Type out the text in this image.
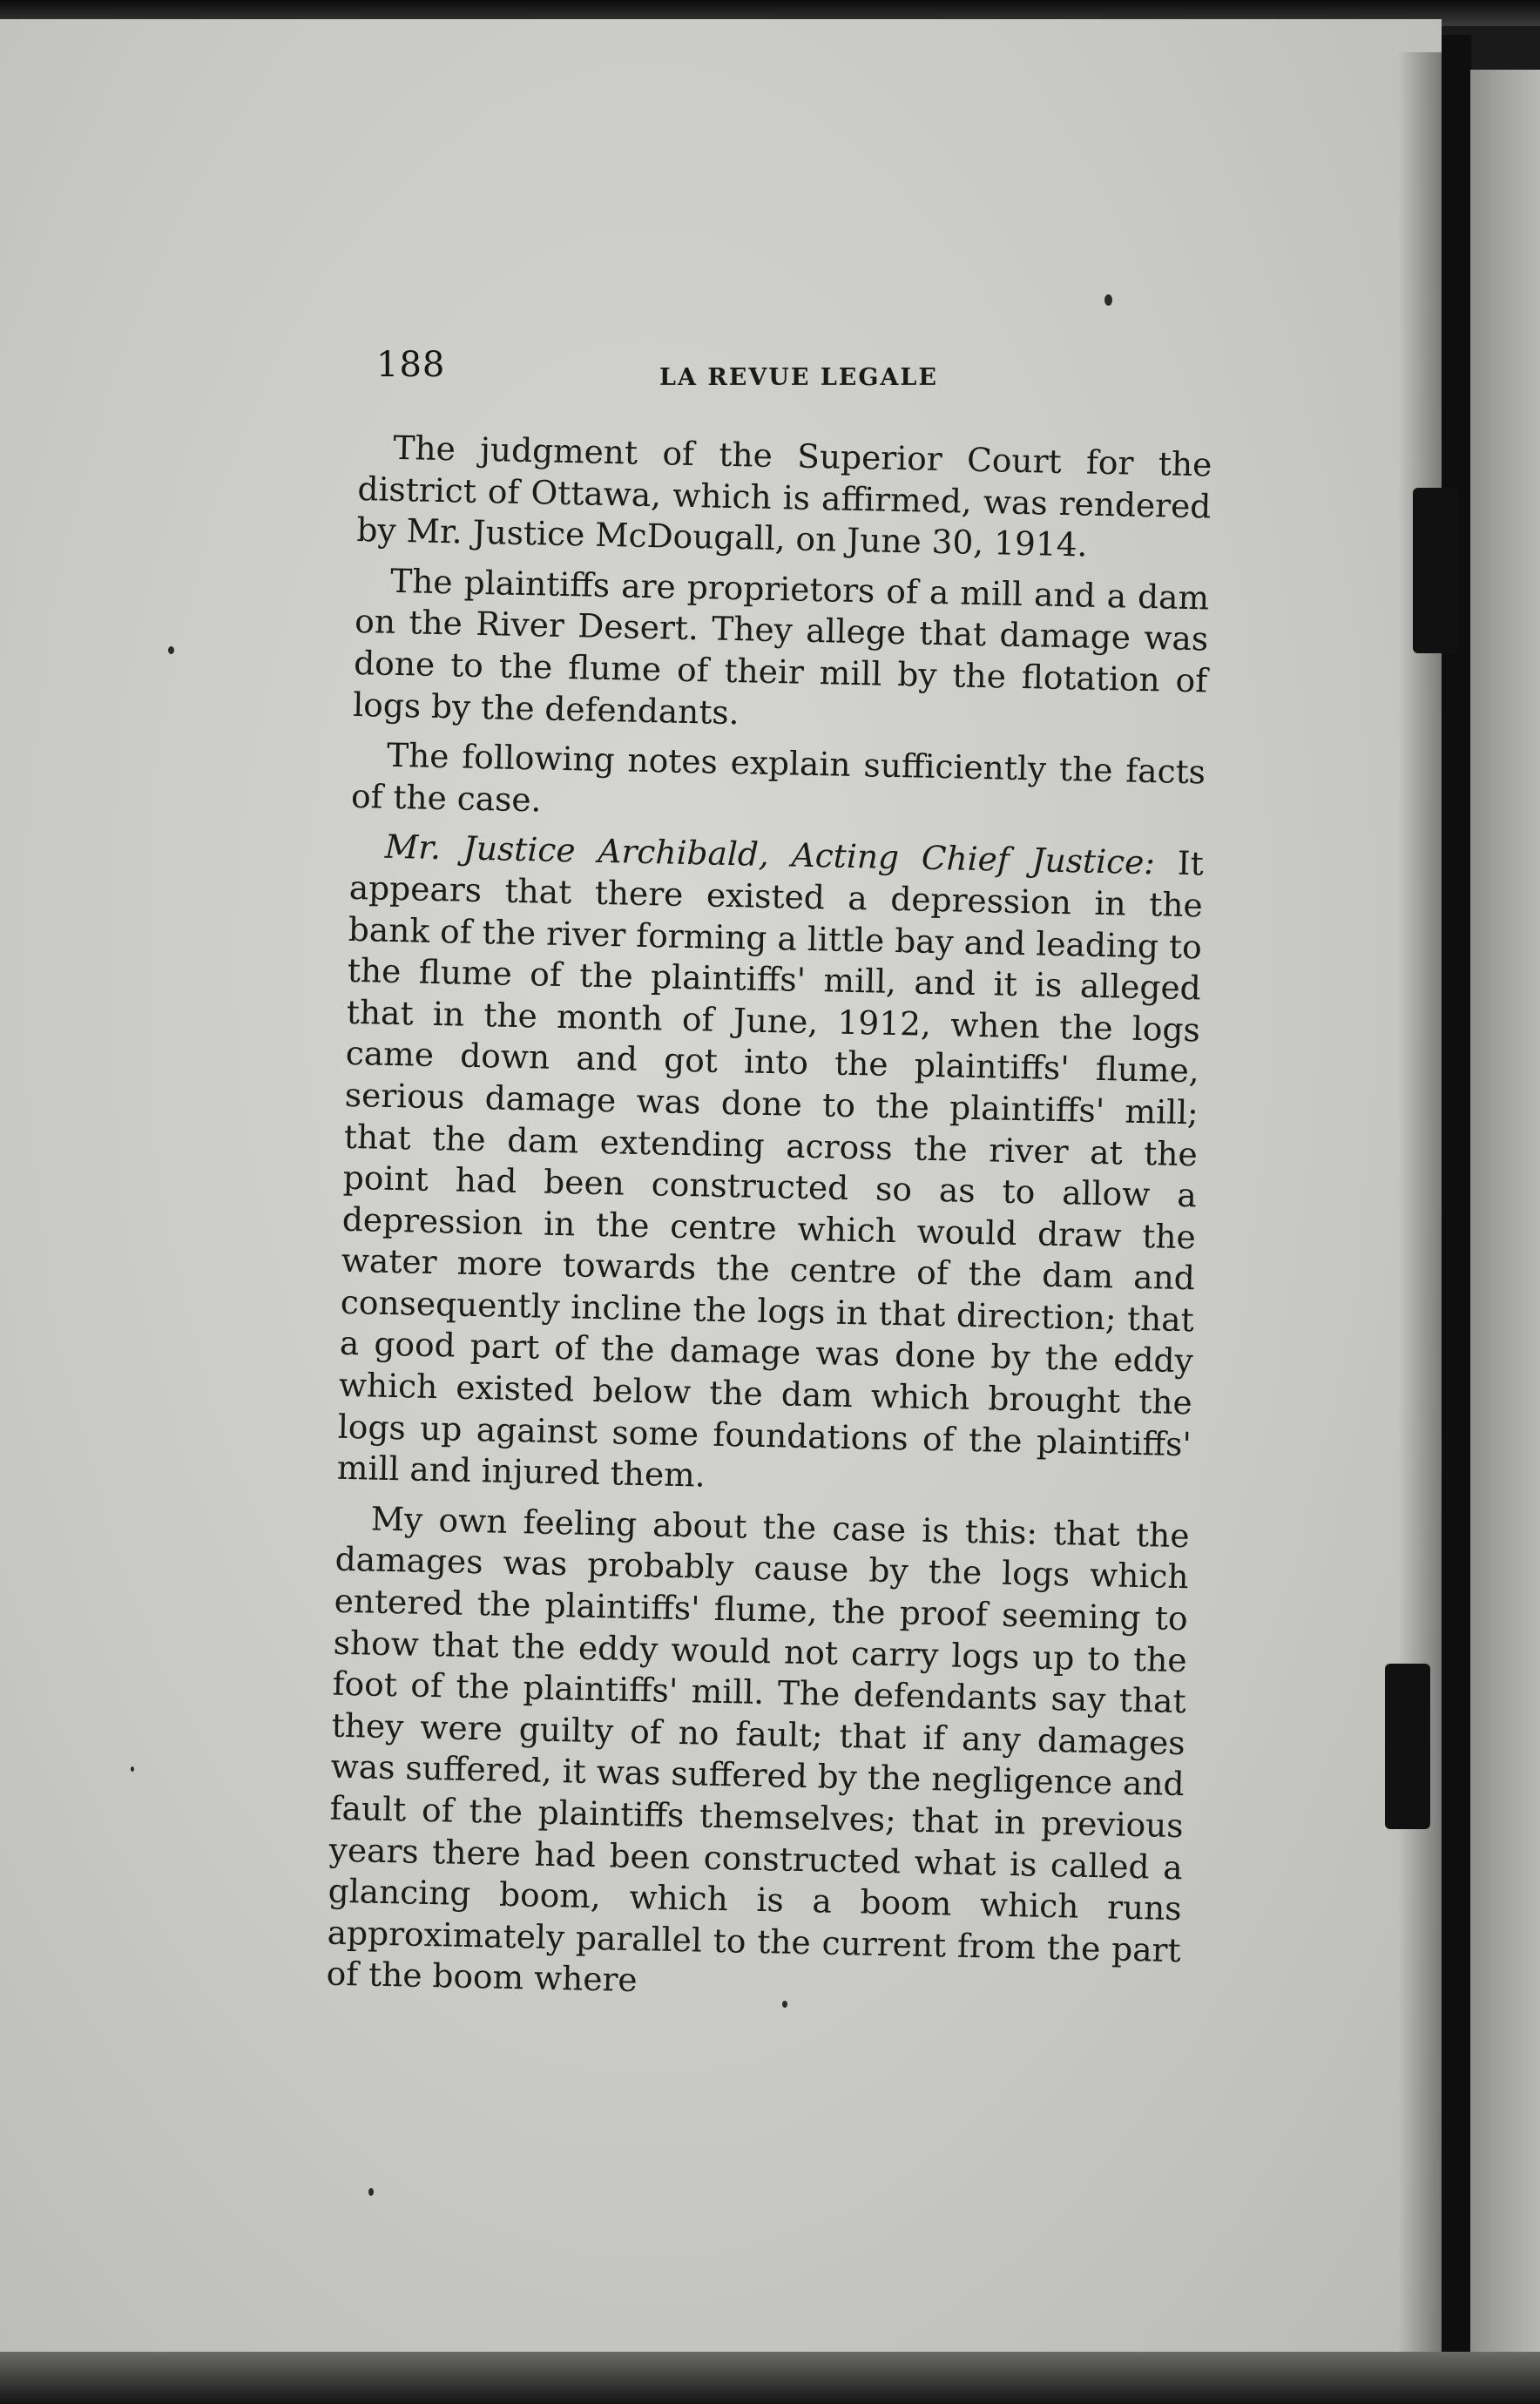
188	LA REVUE LEGALE

The judgment of the Superior Court for the district of Ottawa, which is affirmed, was rendered by Mr. Justice McDougall, on June 30, 1914.

The plaintiffs are proprietors of a mill and a dam on the River Desert. They allege that damage was done to the flume of their mill by the flotation of logs by the defendants.

The following notes explain sufficiently the facts of the case.

Mr. Justice Archibald, Acting Chief Justice: It appears that there existed a depression in the bank of the river forming a little bay and leading to the flume of the plaintiffs' mill, and it is alleged that in the month of June, 1912, when the logs came down and got into the plaintiffs' flume, serious damage was done to the plaintiffs' mill; that the dam extending across the river at the point had been constructed so as to allow a depression in the centre which would draw the water more towards the centre of the dam and consequently incline the logs in that direction; that a good part of the damage was done by the eddy which existed below the dam which brought the logs up against some foundations of the plaintiffs' mill and injured them.

My own feeling about the case is this: that the damages was probably cause by the logs which entered the plaintiffs' flume, the proof seeming to show that the eddy would not carry logs up to the foot of the plaintiffs' mill. The defendants say that they were guilty of no fault; that if any damages was suffered, it was suffered by the negligence and fault of the plaintiffs themselves; that in previous years there had been constructed what is called a glancing boom, which is a boom which runs approximately parallel to the current from the part of the boom where
